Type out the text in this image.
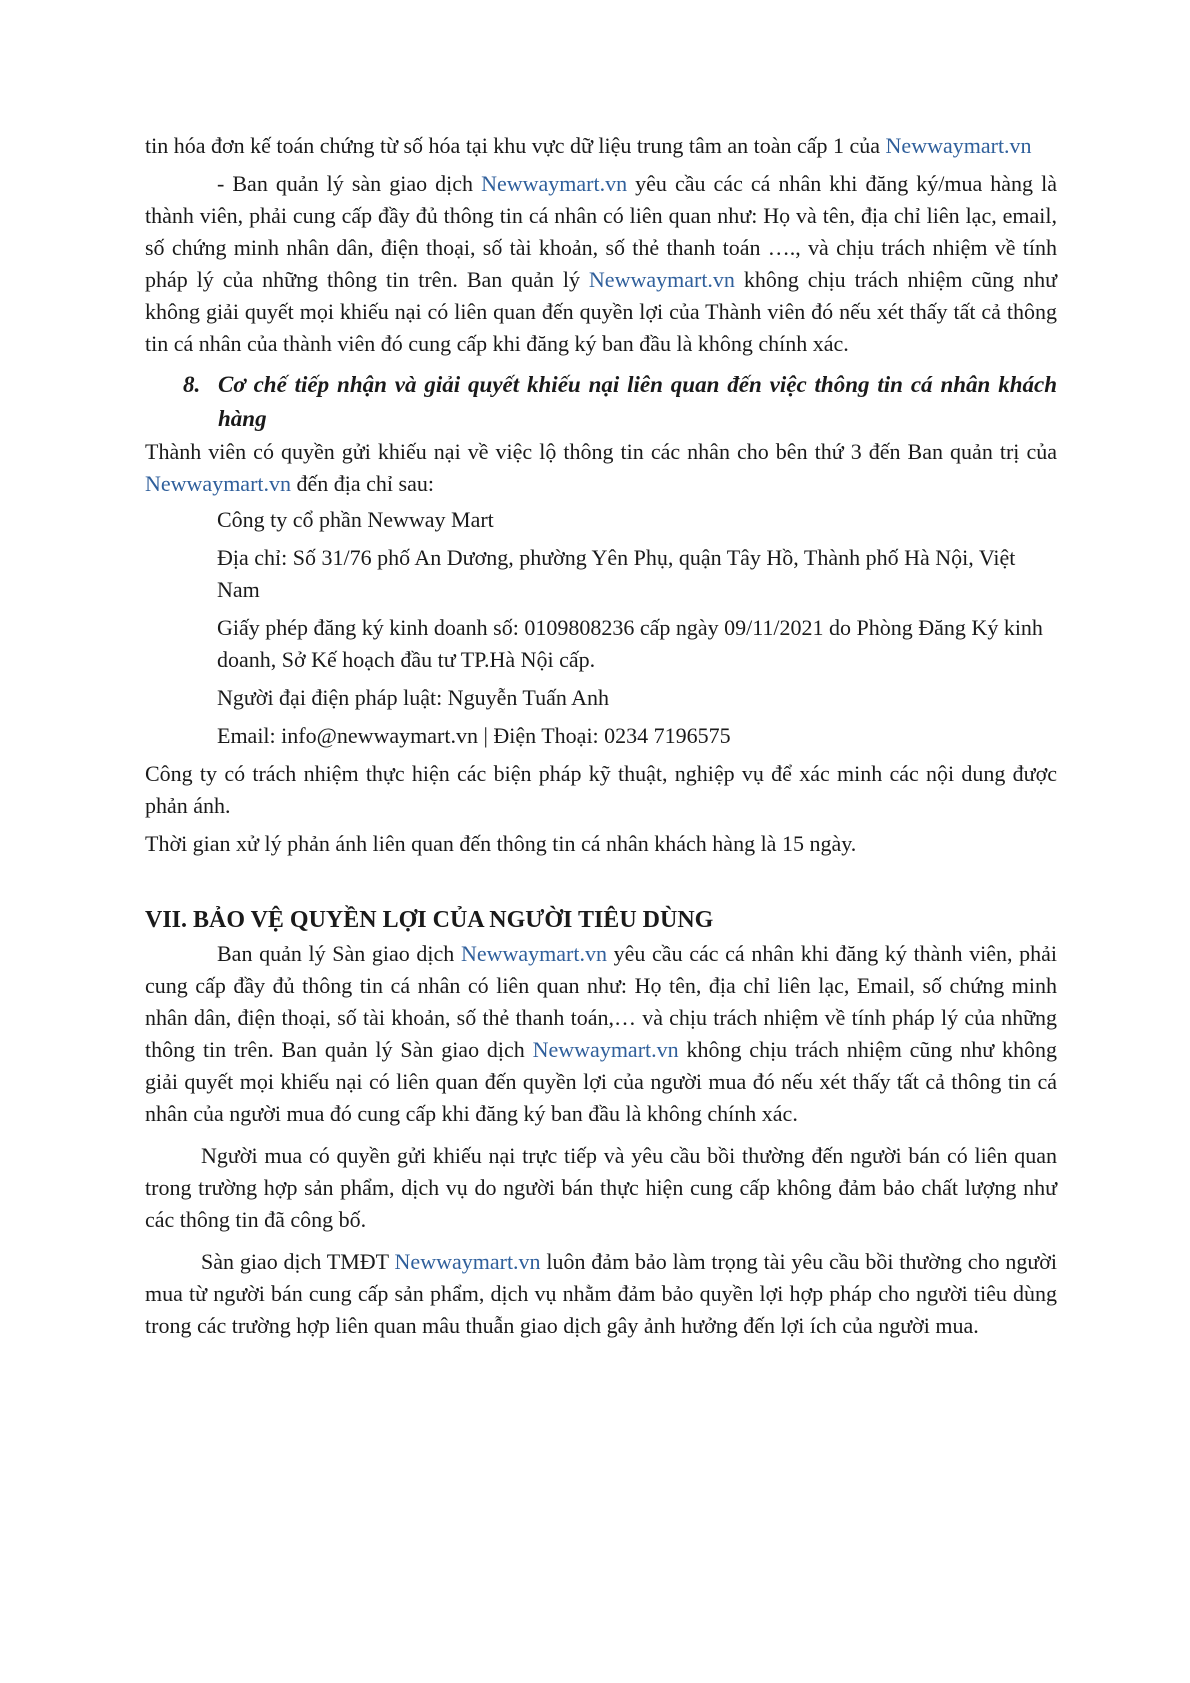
tin hóa đơn kế toán chứng từ số hóa tại khu vực dữ liệu trung tâm an toàn cấp 1 của Newwaymart.vn

- Ban quản lý sàn giao dịch Newwaymart.vn yêu cầu các cá nhân khi đăng ký/mua hàng là thành viên, phải cung cấp đầy đủ thông tin cá nhân có liên quan như: Họ và tên, địa chỉ liên lạc, email, số chứng minh nhân dân, điện thoại, số tài khoản, số thẻ thanh toán …., và chịu trách nhiệm về tính pháp lý của những thông tin trên. Ban quản lý Newwaymart.vn không chịu trách nhiệm cũng như không giải quyết mọi khiếu nại có liên quan đến quyền lợi của Thành viên đó nếu xét thấy tất cả thông tin cá nhân của thành viên đó cung cấp khi đăng ký ban đầu là không chính xác.

8. Cơ chế tiếp nhận và giải quyết khiếu nại liên quan đến việc thông tin cá nhân khách hàng

Thành viên có quyền gửi khiếu nại về việc lộ thông tin các nhân cho bên thứ 3 đến Ban quản trị của Newwaymart.vn đến địa chỉ sau:

Công ty cổ phần Newway Mart

Địa chỉ: Số 31/76 phố An Dương, phường Yên Phụ, quận Tây Hồ, Thành phố Hà Nội, Việt Nam

Giấy phép đăng ký kinh doanh số: 0109808236 cấp ngày 09/11/2021 do Phòng Đăng Ký kinh doanh, Sở Kế hoạch đầu tư TP.Hà Nội cấp.

Người đại điện pháp luật: Nguyễn Tuấn Anh

Email: info@newwaymart.vn | Điện Thoại: 0234 7196575

Công ty có trách nhiệm thực hiện các biện pháp kỹ thuật, nghiệp vụ để xác minh các nội dung được phản ánh.

Thời gian xử lý phản ánh liên quan đến thông tin cá nhân khách hàng là 15 ngày.

VII. BẢO VỆ QUYỀN LỢI CỦA NGƯỜI TIÊU DÙNG

Ban quản lý Sàn giao dịch Newwaymart.vn yêu cầu các cá nhân khi đăng ký thành viên, phải cung cấp đầy đủ thông tin cá nhân có liên quan như: Họ tên, địa chỉ liên lạc, Email, số chứng minh nhân dân, điện thoại, số tài khoản, số thẻ thanh toán,… và chịu trách nhiệm về tính pháp lý của những thông tin trên. Ban quản lý Sàn giao dịch Newwaymart.vn không chịu trách nhiệm cũng như không giải quyết mọi khiếu nại có liên quan đến quyền lợi của người mua đó nếu xét thấy tất cả thông tin cá nhân của người mua đó cung cấp khi đăng ký ban đầu là không chính xác.

Người mua có quyền gửi khiếu nại trực tiếp và yêu cầu bồi thường đến người bán có liên quan trong trường hợp sản phẩm, dịch vụ do người bán thực hiện cung cấp không đảm bảo chất lượng như các thông tin đã công bố.

Sàn giao dịch TMĐT Newwaymart.vn luôn đảm bảo làm trọng tài yêu cầu bồi thường cho người mua từ người bán cung cấp sản phẩm, dịch vụ nhằm đảm bảo quyền lợi hợp pháp cho người tiêu dùng trong các trường hợp liên quan mâu thuẫn giao dịch gây ảnh hưởng đến lợi ích của người mua.
